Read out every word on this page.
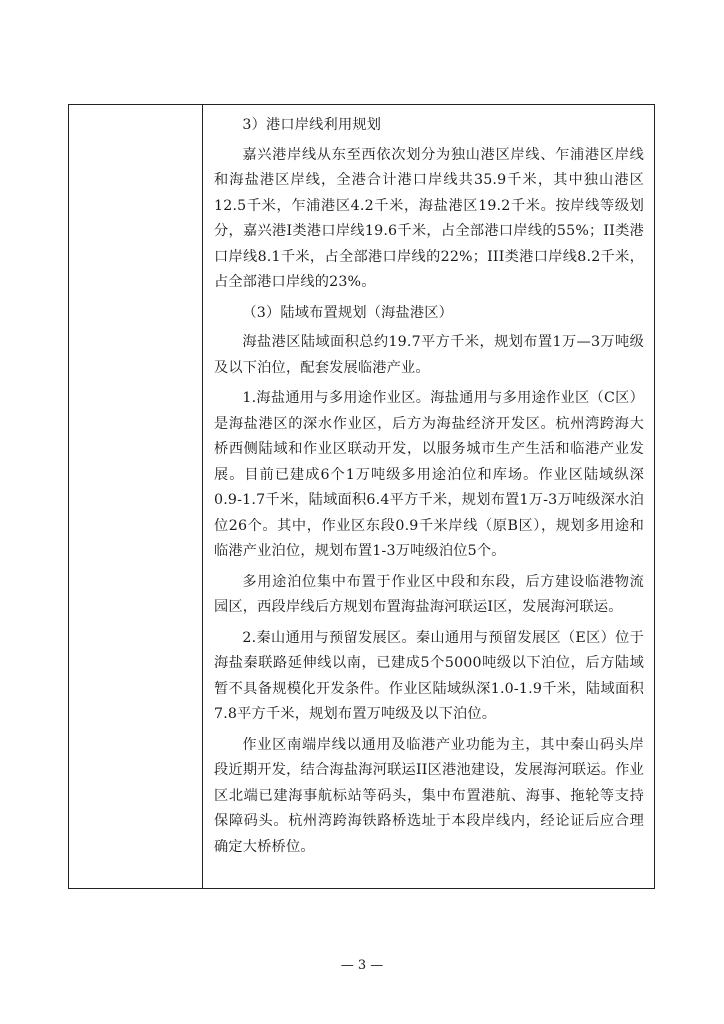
3）港口岸线利用规划

嘉兴港岸线从东至西依次划分为独山港区岸线、乍浦港区岸线和海盐港区岸线，全港合计港口岸线共35.9千米，其中独山港区12.5千米，乍浦港区4.2千米，海盐港区19.2千米。按岸线等级划分，嘉兴港I类港口岸线19.6千米，占全部港口岸线的55%；II类港口岸线8.1千米，占全部港口岸线的22%；III类港口岸线8.2千米，占全部港口岸线的23%。

（3）陆域布置规划（海盐港区）

海盐港区陆域面积总约19.7平方千米，规划布置1万—3万吨级及以下泊位，配套发展临港产业。

1.海盐通用与多用途作业区。海盐通用与多用途作业区（C区）是海盐港区的深水作业区，后方为海盐经济开发区。杭州湾跨海大桥西侧陆域和作业区联动开发，以服务城市生产生活和临港产业发展。目前已建成6个1万吨级多用途泊位和库场。作业区陆域纵深0.9-1.7千米，陆域面积6.4平方千米，规划布置1万-3万吨级深水泊位26个。其中，作业区东段0.9千米岸线（原B区），规划多用途和临港产业泊位，规划布置1-3万吨级泊位5个。

多用途泊位集中布置于作业区中段和东段，后方建设临港物流园区，西段岸线后方规划布置海盐海河联运I区，发展海河联运。

2.秦山通用与预留发展区。秦山通用与预留发展区（E区）位于海盐秦联路延伸线以南，已建成5个5000吨级以下泊位，后方陆域暂不具备规模化开发条件。作业区陆域纵深1.0-1.9千米，陆域面积7.8平方千米，规划布置万吨级及以下泊位。

作业区南端岸线以通用及临港产业功能为主，其中秦山码头岸段近期开发，结合海盐海河联运II区港池建设，发展海河联运。作业区北端已建海事航标站等码头，集中布置港航、海事、拖轮等支持保障码头。杭州湾跨海铁路桥选址于本段岸线内，经论证后应合理确定大桥桥位。

— 3 —
